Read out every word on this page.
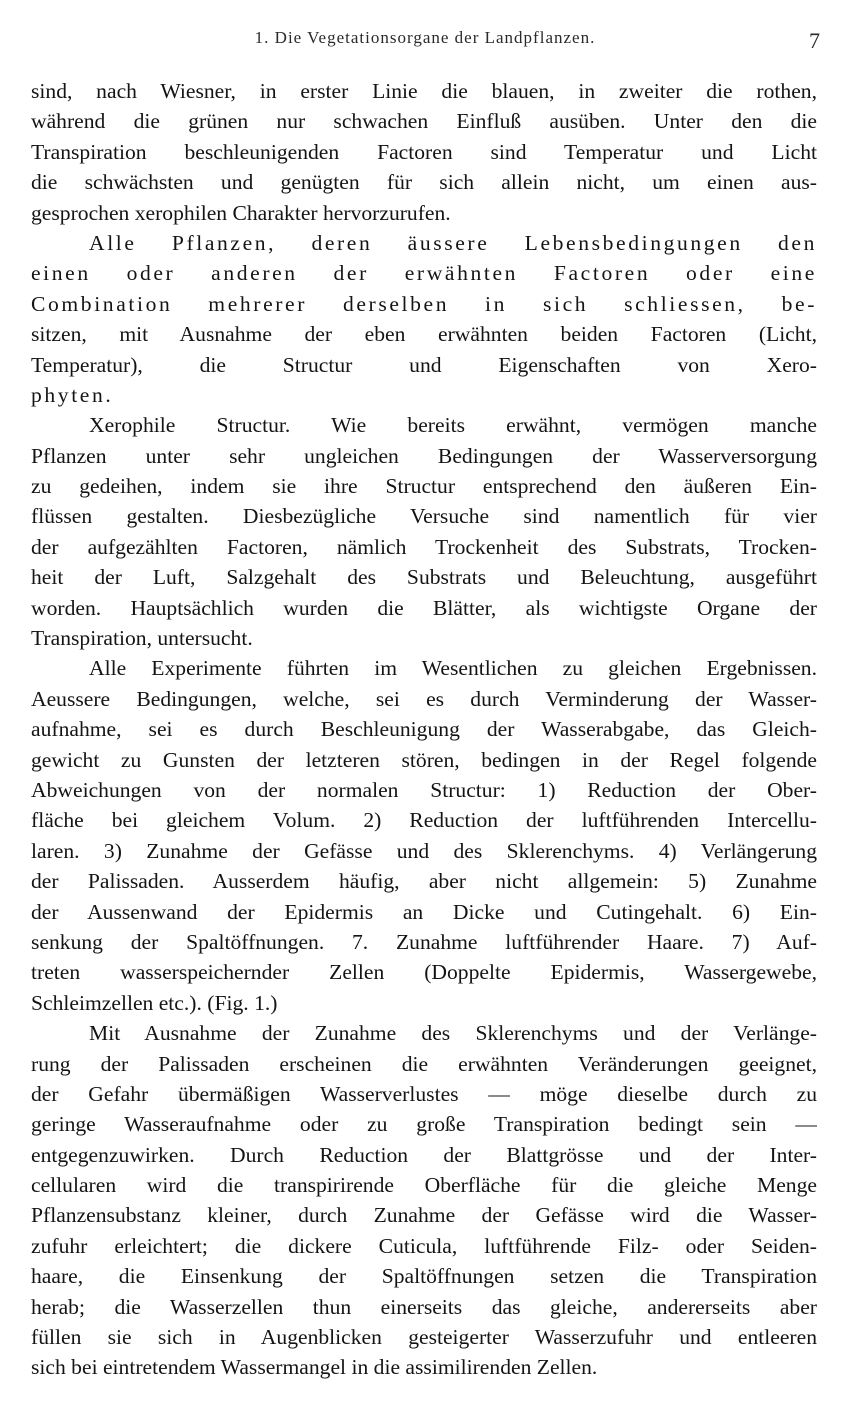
1. Die Vegetationsorgane der Landpflanzen.	7
sind, nach Wiesner, in erster Linie die blauen, in zweiter die rothen,
während die grünen nur schwachen Einfluß ausüben. Unter den die
Transpiration beschleunigenden Factoren sind Temperatur und Licht
die schwächsten und genügten für sich allein nicht, um einen aus-
gesprochen xerophilen Charakter hervorzurufen.
Alle Pflanzen, deren äussere Lebensbedingungen den
einen oder anderen der erwähnten Factoren oder eine
Combination mehrerer derselben in sich schliessen, be-
sitzen, mit Ausnahme der eben erwähnten beiden Factoren (Licht,
Temperatur), die Structur und Eigenschaften von Xero-
phyten.
Xerophile Structur. Wie bereits erwähnt, vermögen manche
Pflanzen unter sehr ungleichen Bedingungen der Wasserversorgung
zu gedeihen, indem sie ihre Structur entsprechend den äußeren Ein-
flüssen gestalten. Diesbezügliche Versuche sind namentlich für vier
der aufgezählten Factoren, nämlich Trockenheit des Substrats, Trocken-
heit der Luft, Salzgehalt des Substrats und Beleuchtung, ausgeführt
worden. Hauptsächlich wurden die Blätter, als wichtigste Organe der
Transpiration, untersucht.
Alle Experimente führten im Wesentlichen zu gleichen Ergebnissen.
Aeussere Bedingungen, welche, sei es durch Verminderung der Wasser-
aufnahme, sei es durch Beschleunigung der Wasserabgabe, das Gleich-
gewicht zu Gunsten der letzteren stören, bedingen in der Regel folgende
Abweichungen von der normalen Structur: 1) Reduction der Ober-
fläche bei gleichem Volum. 2) Reduction der luftführenden Intercellu-
laren. 3) Zunahme der Gefässe und des Sklerenchyms. 4) Verlängerung
der Palissaden. Ausserdem häufig, aber nicht allgemein: 5) Zunahme
der Aussenwand der Epidermis an Dicke und Cutingehalt. 6) Ein-
senkung der Spaltöffnungen. 7. Zunahme luftführender Haare. 7) Auf-
treten wasserspeichernder Zellen (Doppelte Epidermis, Wassergewebe,
Schleimzellen etc.). (Fig. 1.)
Mit Ausnahme der Zunahme des Sklerenchyms und der Verlänge-
rung der Palissaden erscheinen die erwähnten Veränderungen geeignet,
der Gefahr übermäßigen Wasserverlustes — möge dieselbe durch zu
geringe Wasseraufnahme oder zu große Transpiration bedingt sein —
entgegenzuwirken. Durch Reduction der Blattgrösse und der Inter-
cellularen wird die transpirirende Oberfläche für die gleiche Menge
Pflanzensubstanz kleiner, durch Zunahme der Gefässe wird die Wasser-
zufuhr erleichtert; die dickere Cuticula, luftführende Filz- oder Seiden-
haare, die Einsenkung der Spaltöffnungen setzen die Transpiration
herab; die Wasserzellen thun einerseits das gleiche, andererseits aber
füllen sie sich in Augenblicken gesteigerter Wasserzufuhr und entleeren
sich bei eintretendem Wassermangel in die assimilirenden Zellen.
